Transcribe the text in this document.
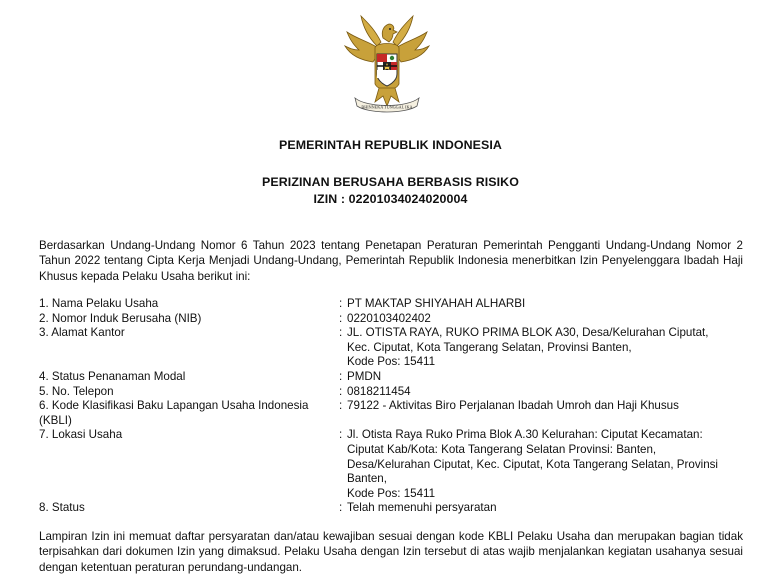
BHINNEKA TUNGGAL IKA
PEMERINTAH REPUBLIK INDONESIA
PERIZINAN BERUSAHA BERBASIS RISIKO
IZIN : 02201034024020004
Berdasarkan Undang-Undang Nomor 6 Tahun 2023 tentang Penetapan Peraturan Pemerintah Pengganti Undang-Undang Nomor 2 Tahun 2022 tentang Cipta Kerja Menjadi Undang-Undang, Pemerintah Republik Indonesia menerbitkan Izin Penyelenggara Ibadah Haji Khusus kepada Pelaku Usaha berikut ini:
1. Nama Pelaku Usaha	: PT MAKTAP SHIYAHAH ALHARBI
2. Nomor Induk Berusaha (NIB)	: 0220103402402
3. Alamat Kantor	: JL. OTISTA RAYA, RUKO PRIMA BLOK A30, Desa/Kelurahan Ciputat,
Kec. Ciputat, Kota Tangerang Selatan, Provinsi Banten,
Kode Pos: 15411
4. Status Penanaman Modal	: PMDN
5. No. Telepon	: 0818211454
6. Kode Klasifikasi Baku Lapangan Usaha Indonesia
(KBLI)
: 79122 - Aktivitas Biro Perjalanan Ibadah Umroh dan Haji Khusus
7. Lokasi Usaha	: Jl. Otista Raya Ruko Prima Blok A.30 Kelurahan: Ciputat Kecamatan:
Ciputat Kab/Kota: Kota Tangerang Selatan Provinsi: Banten,
Desa/Kelurahan Ciputat, Kec. Ciputat, Kota Tangerang Selatan, Provinsi
Banten,
Kode Pos: 15411
8. Status	: Telah memenuhi persyaratan
Lampiran Izin ini memuat daftar persyaratan dan/atau kewajiban sesuai dengan kode KBLI Pelaku Usaha dan merupakan bagian tidak terpisahkan dari dokumen Izin yang dimaksud. Pelaku Usaha dengan Izin tersebut di atas wajib menjalankan kegiatan usahanya sesuai dengan ketentuan peraturan perundang-undangan.
